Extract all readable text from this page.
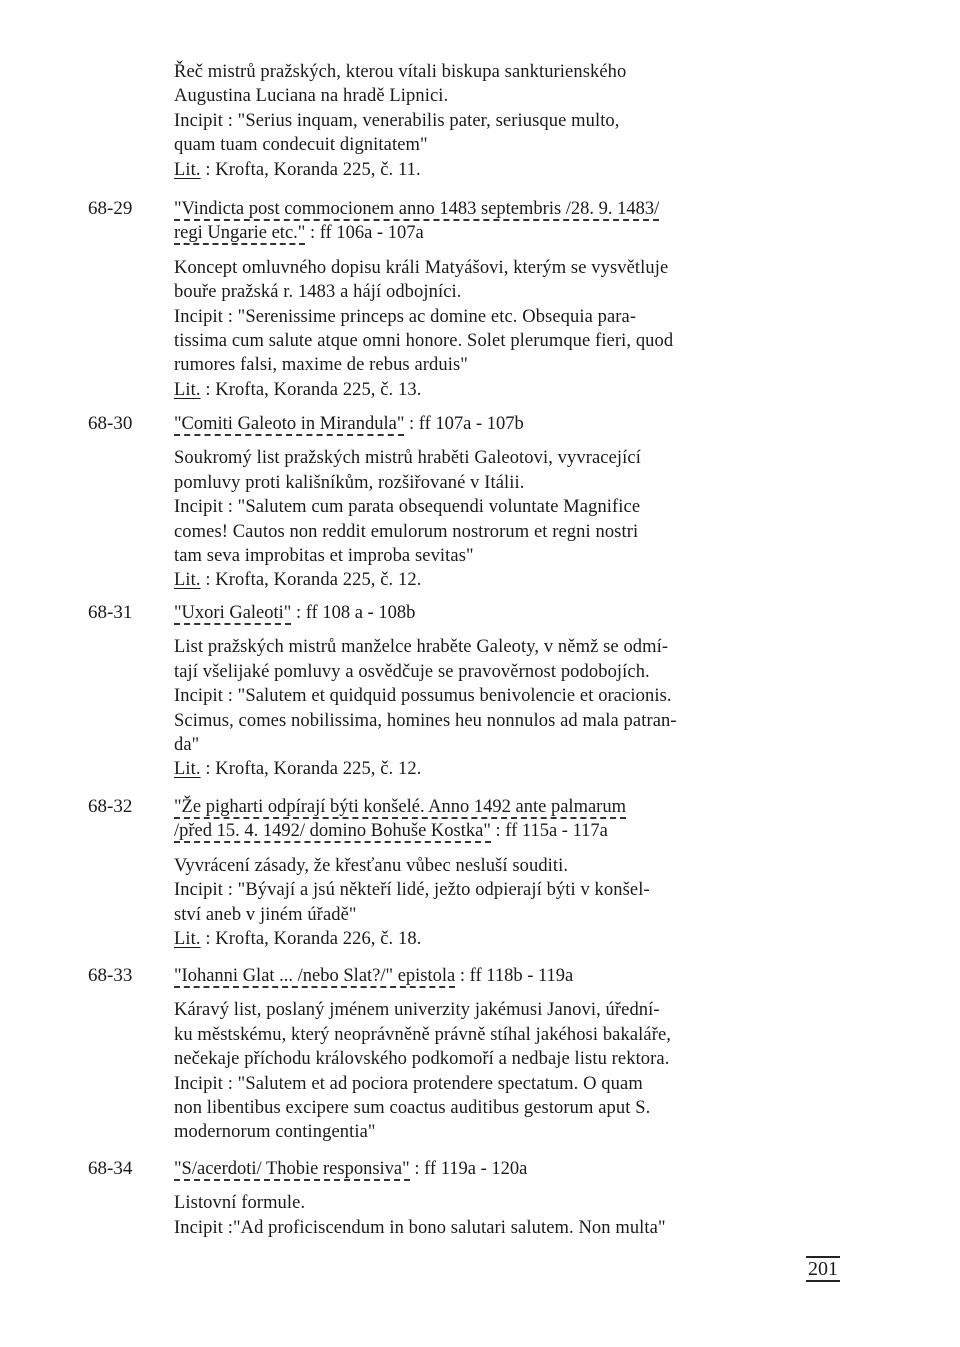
Řeč mistrů pražských, kterou vítali biskupa sankturienského
Augustina Luciana na hradě Lipnici.
Incipit : "Serius inquam, venerabilis pater, seriusque multo,
quam tuam condecuit dignitatem"
Lit. : Krofta, Koranda 225, č. 11.
68-29 "Vindicta post commocionem anno 1483 septembris /28. 9. 1483/
regi Ungarie etc." : ff 106a - 107a
Koncept omluvného dopisu králi Matyášovi, kterým se vysvětluje
bouře pražská r. 1483 a hájí odbojníci.
Incipit : "Serenissime princeps ac domine etc. Obsequia para-
tissima cum salute atque omni honore. Solet plerumque fieri, quod
rumores falsi, maxime de rebus arduis"
Lit. : Krofta, Koranda 225, č. 13.
68-30 "Comiti Galeoto in Mirandula" : ff 107a - 107b
Soukromý list pražských mistrů hraběti Galeotovi, vyvracející
pomluvy proti kališníkům, rozšiřované v Itálii.
Incipit : "Salutem cum parata obsequendi voluntate Magnifice
comes! Cautos non reddit emulorum nostrorum et regni nostri
tam seva improbitas et improba sevitas"
Lit. : Krofta, Koranda 225, č. 12.
68-31 "Uxori Galeoti" : ff 108 a - 108b
List pražských mistrů manželce hraběte Galeoty, v němž se odmí-
tají všelijaké pomluvy a osvědčuje se pravověrnost podobojích.
Incipit : "Salutem et quidquid possumus benivolencie et oracionis.
Scimus, comes nobilissima, homines heu nonnulos ad mala patran-
da"
Lit. : Krofta, Koranda 225, č. 12.
68-32 "Že pigharti odpírají býti konšelé. Anno 1492 ante palmarum
/před 15. 4. 1492/ domino Bohuše Kostka" : ff 115a - 117a
Vyvrácení zásady, že křesťanu vůbec nesluší souditi.
Incipit : "Bývají a jsú někteří lidé, ježto odpierají býti v konšel-
ství aneb v jiném úřadě"
Lit. : Krofta, Koranda 226, č. 18.
68-33 "Iohanni Glat ... /nebo Slat?/" epistola : ff 118b - 119a
Káravý list, poslaný jménem univerzity jakémusi Janovi, úřední-
ku městskému, který neoprávněně právně stíhal jakéhosi bakaláře,
nečekaje příchodu královského podkomoří a nedbaje listu rektora.
Incipit : "Salutem et ad pociora protendere spectatum. O quam
non libentibus excipere sum coactus auditibus gestorum aput S.
modernorum contingentia"
68-34 "S/acerdoti/ Thobie responsiva" : ff 119a - 120a
Listovní formule.
Incipit :"Ad proficiscendum in bono salutari salutem. Non multa"
201
